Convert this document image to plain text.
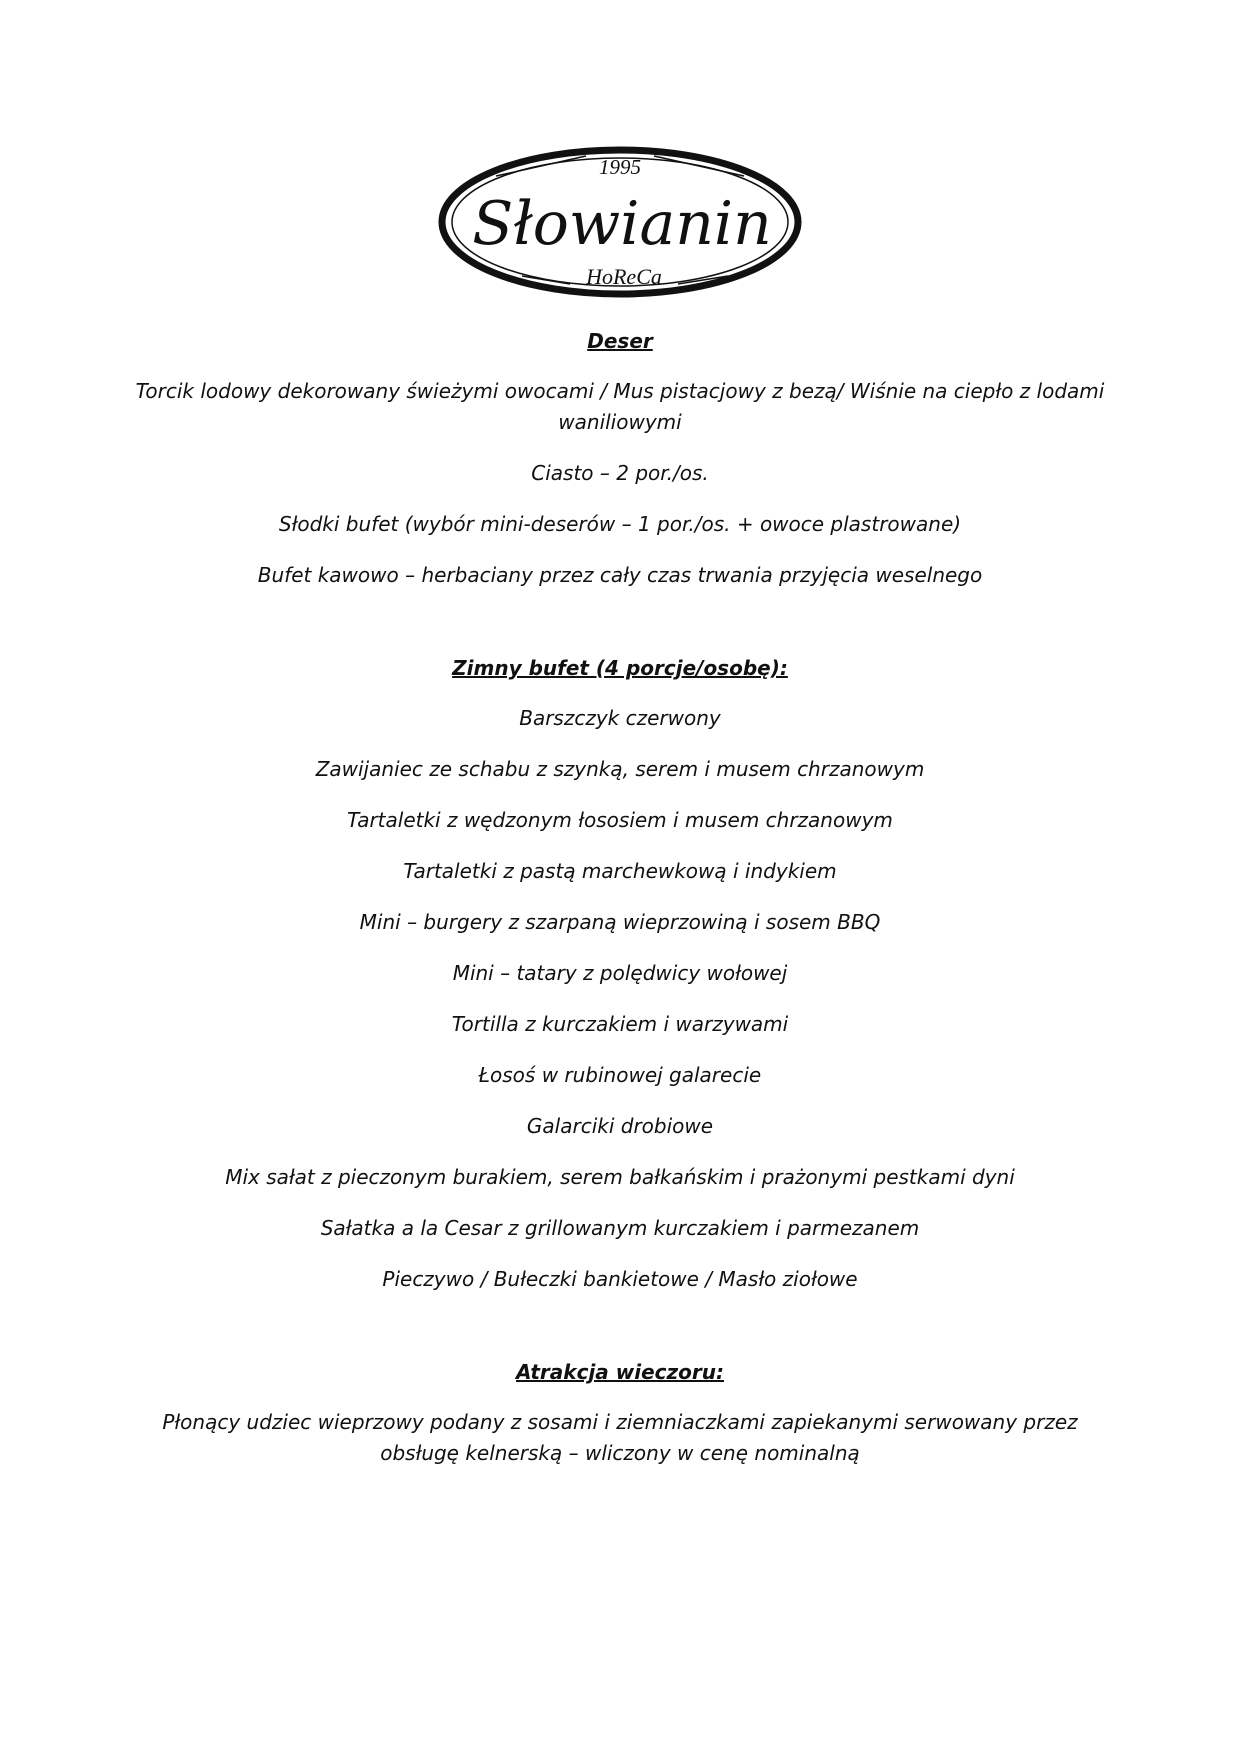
1995
Słowianin
HoReCa
Deser
Torcik lodowy dekorowany świeżymi owocami / Mus pistacjowy z bezą/ Wiśnie na ciepło z lodami waniliowymi
Ciasto – 2 por./os.
Słodki bufet (wybór mini-deserów – 1 por./os. + owoce plastrowane)
Bufet kawowo – herbaciany przez cały czas trwania przyjęcia weselnego
Zimny bufet (4 porcje/osobę):
Barszczyk czerwony
Zawijaniec ze schabu z szynką, serem i musem chrzanowym
Tartaletki z wędzonym łososiem i musem chrzanowym
Tartaletki z pastą marchewkową i indykiem
Mini – burgery z szarpaną wieprzowiną i sosem BBQ
Mini – tatary z polędwicy wołowej
Tortilla z kurczakiem i warzywami
Łosoś w rubinowej galarecie
Galarciki drobiowe
Mix sałat z pieczonym burakiem, serem bałkańskim i prażonymi pestkami dyni
Sałatka a la Cesar z grillowanym kurczakiem i parmezanem
Pieczywo / Bułeczki bankietowe / Masło ziołowe
Atrakcja wieczoru:
Płonący udziec wieprzowy podany z sosami i ziemniaczkami zapiekanymi serwowany przez obsługę kelnerską – wliczony w cenę nominalną
